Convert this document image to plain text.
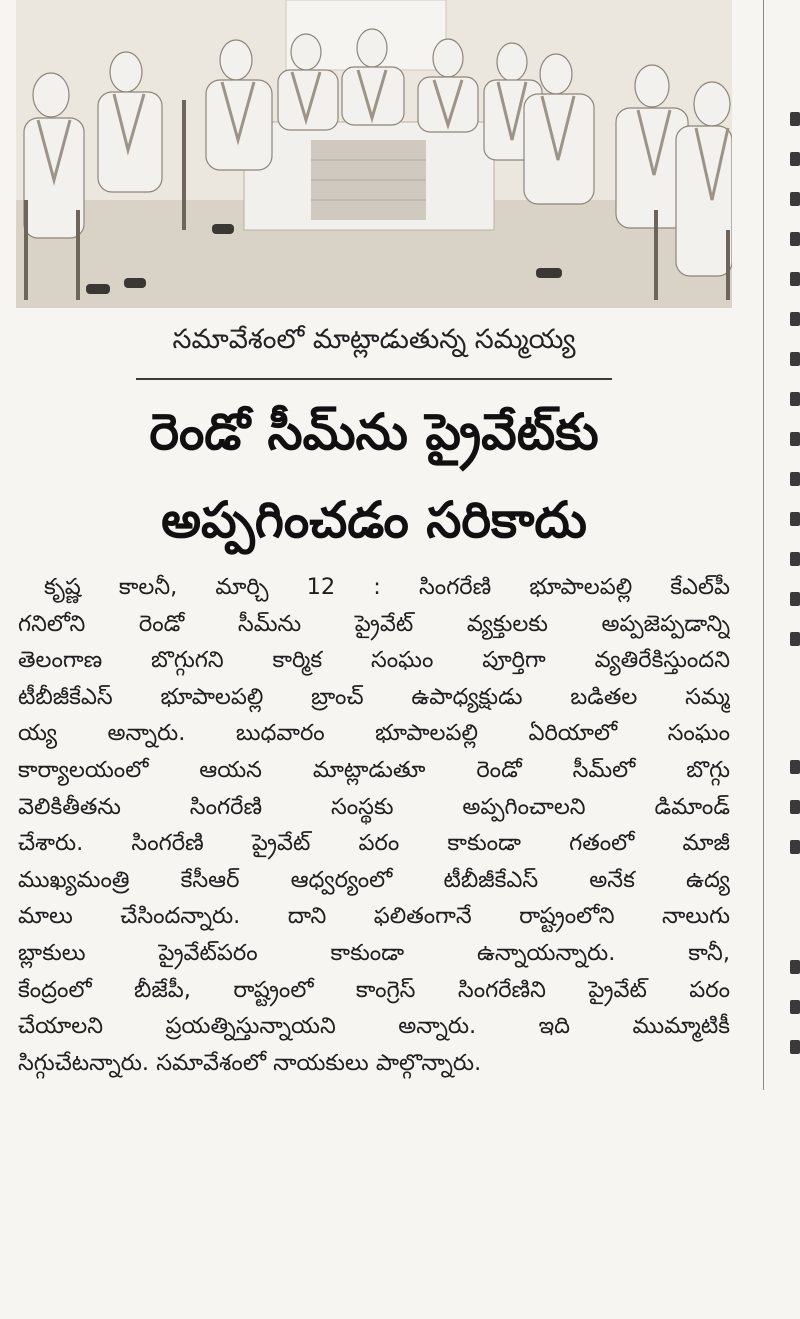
సమావేశంలో మాట్లాడుతున్న సమ్మయ్య
రెండో సీమ్‌ను ప్రైవేట్‌కు
అప్పగించడం సరికాదు
కృష్ణ కాలనీ, మార్చి 12 : సింగరేణి భూపాలపల్లి కేఎల్‌పీ
గనిలోని రెండో సీమ్‌ను ప్రైవేట్ వ్యక్తులకు అప్పజెప్పడాన్ని
తెలంగాణ బొగ్గుగని కార్మిక సంఘం పూర్తిగా వ్యతిరేకిస్తుందని
టీబీజీకేఎస్ భూపాలపల్లి బ్రాంచ్ ఉపాధ్యక్షుడు బడితల సమ్మ
య్య అన్నారు. బుధవారం భూపాలపల్లి ఏరియాలో సంఘం
కార్యాలయంలో ఆయన మాట్లాడుతూ రెండో సీమ్‌లో బొగ్గు
వెలికితీతను సింగరేణి సంస్థకు అప్పగించాలని డిమాండ్
చేశారు. సింగరేణి ప్రైవేట్ పరం కాకుండా గతంలో మాజీ
ముఖ్యమంత్రి కేసీఆర్ ఆధ్వర్యంలో టీబీజీకేఎస్ అనేక ఉద్య
మాలు చేసిందన్నారు. దాని ఫలితంగానే రాష్ట్రంలోని నాలుగు
బ్లాకులు ప్రైవేట్‌పరం కాకుండా ఉన్నాయన్నారు. కానీ,
కేంద్రంలో బీజేపీ, రాష్ట్రంలో కాంగ్రెస్ సింగరేణిని ప్రైవేట్ పరం
చేయాలని ప్రయత్నిస్తున్నాయని అన్నారు. ఇది ముమ్మాటికీ
సిగ్గుచేటన్నారు. సమావేశంలో నాయకులు పాల్గొన్నారు.
